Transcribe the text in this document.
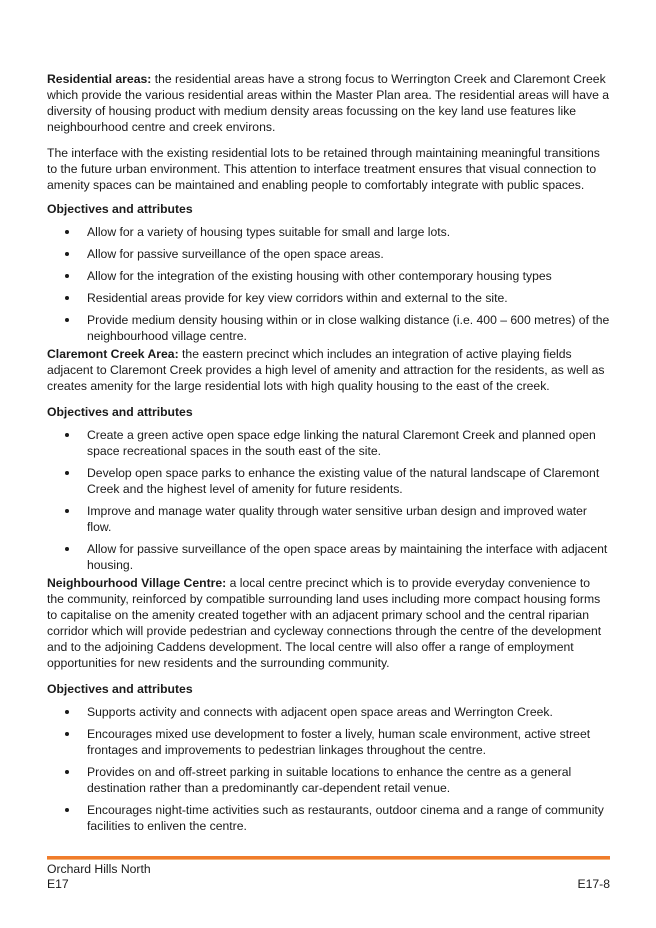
Residential areas: the residential areas have a strong focus to Werrington Creek and Claremont Creek which provide the various residential areas within the Master Plan area. The residential areas will have a diversity of housing product with medium density areas focussing on the key land use features like neighbourhood centre and creek environs.

The interface with the existing residential lots to be retained through maintaining meaningful transitions to the future urban environment. This attention to interface treatment ensures that visual connection to amenity spaces can be maintained and enabling people to comfortably integrate with public spaces.

Objectives and attributes
Allow for a variety of housing types suitable for small and large lots.
Allow for passive surveillance of the open space areas.
Allow for the integration of the existing housing with other contemporary housing types
Residential areas provide for key view corridors within and external to the site.
Provide medium density housing within or in close walking distance (i.e. 400 – 600 metres) of the neighbourhood village centre.

Claremont Creek Area: the eastern precinct which includes an integration of active playing fields adjacent to Claremont Creek provides a high level of amenity and attraction for the residents, as well as creates amenity for the large residential lots with high quality housing to the east of the creek.

Objectives and attributes
Create a green active open space edge linking the natural Claremont Creek and planned open space recreational spaces in the south east of the site.
Develop open space parks to enhance the existing value of the natural landscape of Claremont Creek and the highest level of amenity for future residents.
Improve and manage water quality through water sensitive urban design and improved water flow.
Allow for passive surveillance of the open space areas by maintaining the interface with adjacent housing.

Neighbourhood Village Centre: a local centre precinct which is to provide everyday convenience to the community, reinforced by compatible surrounding land uses including more compact housing forms to capitalise on the amenity created together with an adjacent primary school and the central riparian corridor which will provide pedestrian and cycleway connections through the centre of the development and to the adjoining Caddens development. The local centre will also offer a range of employment opportunities for new residents and the surrounding community.

Objectives and attributes
Supports activity and connects with adjacent open space areas and Werrington Creek.
Encourages mixed use development to foster a lively, human scale environment, active street frontages and improvements to pedestrian linkages throughout the centre.
Provides on and off-street parking in suitable locations to enhance the centre as a general destination rather than a predominantly car-dependent retail venue.
Encourages night-time activities such as restaurants, outdoor cinema and a range of community facilities to enliven the centre.
Orchard Hills North
E17	E17-8
